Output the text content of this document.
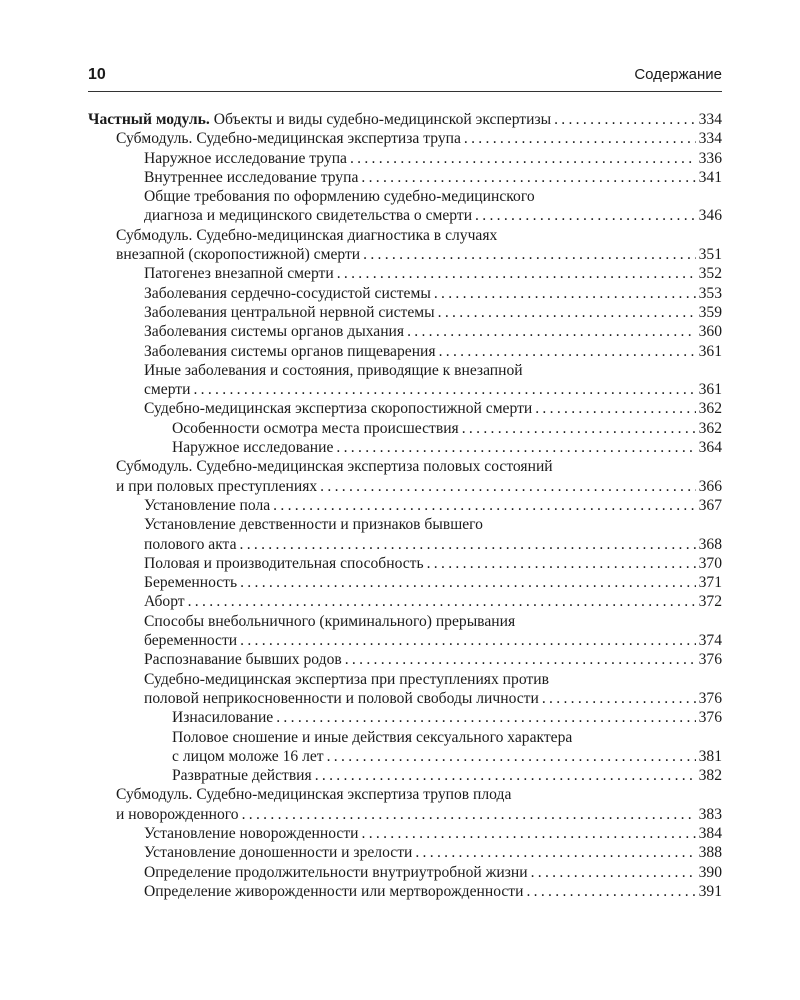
10	Содержание
Частный модуль. Объекты и виды судебно-медицинской экспертизы . . .	334
Субмодуль. Судебно-медицинская экспертиза трупа . . .	334
Наружное исследование трупа . . .	336
Внутреннее исследование трупа . . .	341
Общие требования по оформлению судебно-медицинского
диагноза и медицинского свидетельства о смерти . . .	346
Субмодуль. Судебно-медицинская диагностика в случаях
внезапной (скоропостижной) смерти . . .	351
Патогенез внезапной смерти . . .	352
Заболевания сердечно-сосудистой системы . . .	353
Заболевания центральной нервной системы . . .	359
Заболевания системы органов дыхания . . .	360
Заболевания системы органов пищеварения . . .	361
Иные заболевания и состояния, приводящие к внезапной
смерти . . .	361
Судебно-медицинская экспертиза скоропостижной смерти . . .	362
Особенности осмотра места происшествия . . .	362
Наружное исследование . . .	364
Субмодуль. Судебно-медицинская экспертиза половых состояний
и при половых преступлениях . . .	366
Установление пола . . .	367
Установление девственности и признаков бывшего
полового акта . . .	368
Половая и производительная способность . . .	370
Беременность . . .	371
Аборт . . .	372
Способы внебольничного (криминального) прерывания
беременности . . .	374
Распознавание бывших родов . . .	376
Судебно-медицинская экспертиза при преступлениях против
половой неприкосновенности и половой свободы личности . . .	376
Изнасилование . . .	376
Половое сношение и иные действия сексуального характера
с лицом моложе 16 лет . . .	381
Развратные действия . . .	382
Субмодуль. Судебно-медицинская экспертиза трупов плода
и новорожденного . . .	383
Установление новорожденности . . .	384
Установление доношенности и зрелости . . .	388
Определение продолжительности внутриутробной жизни . . .	390
Определение живорожденности или мертворожденности . . .	391
